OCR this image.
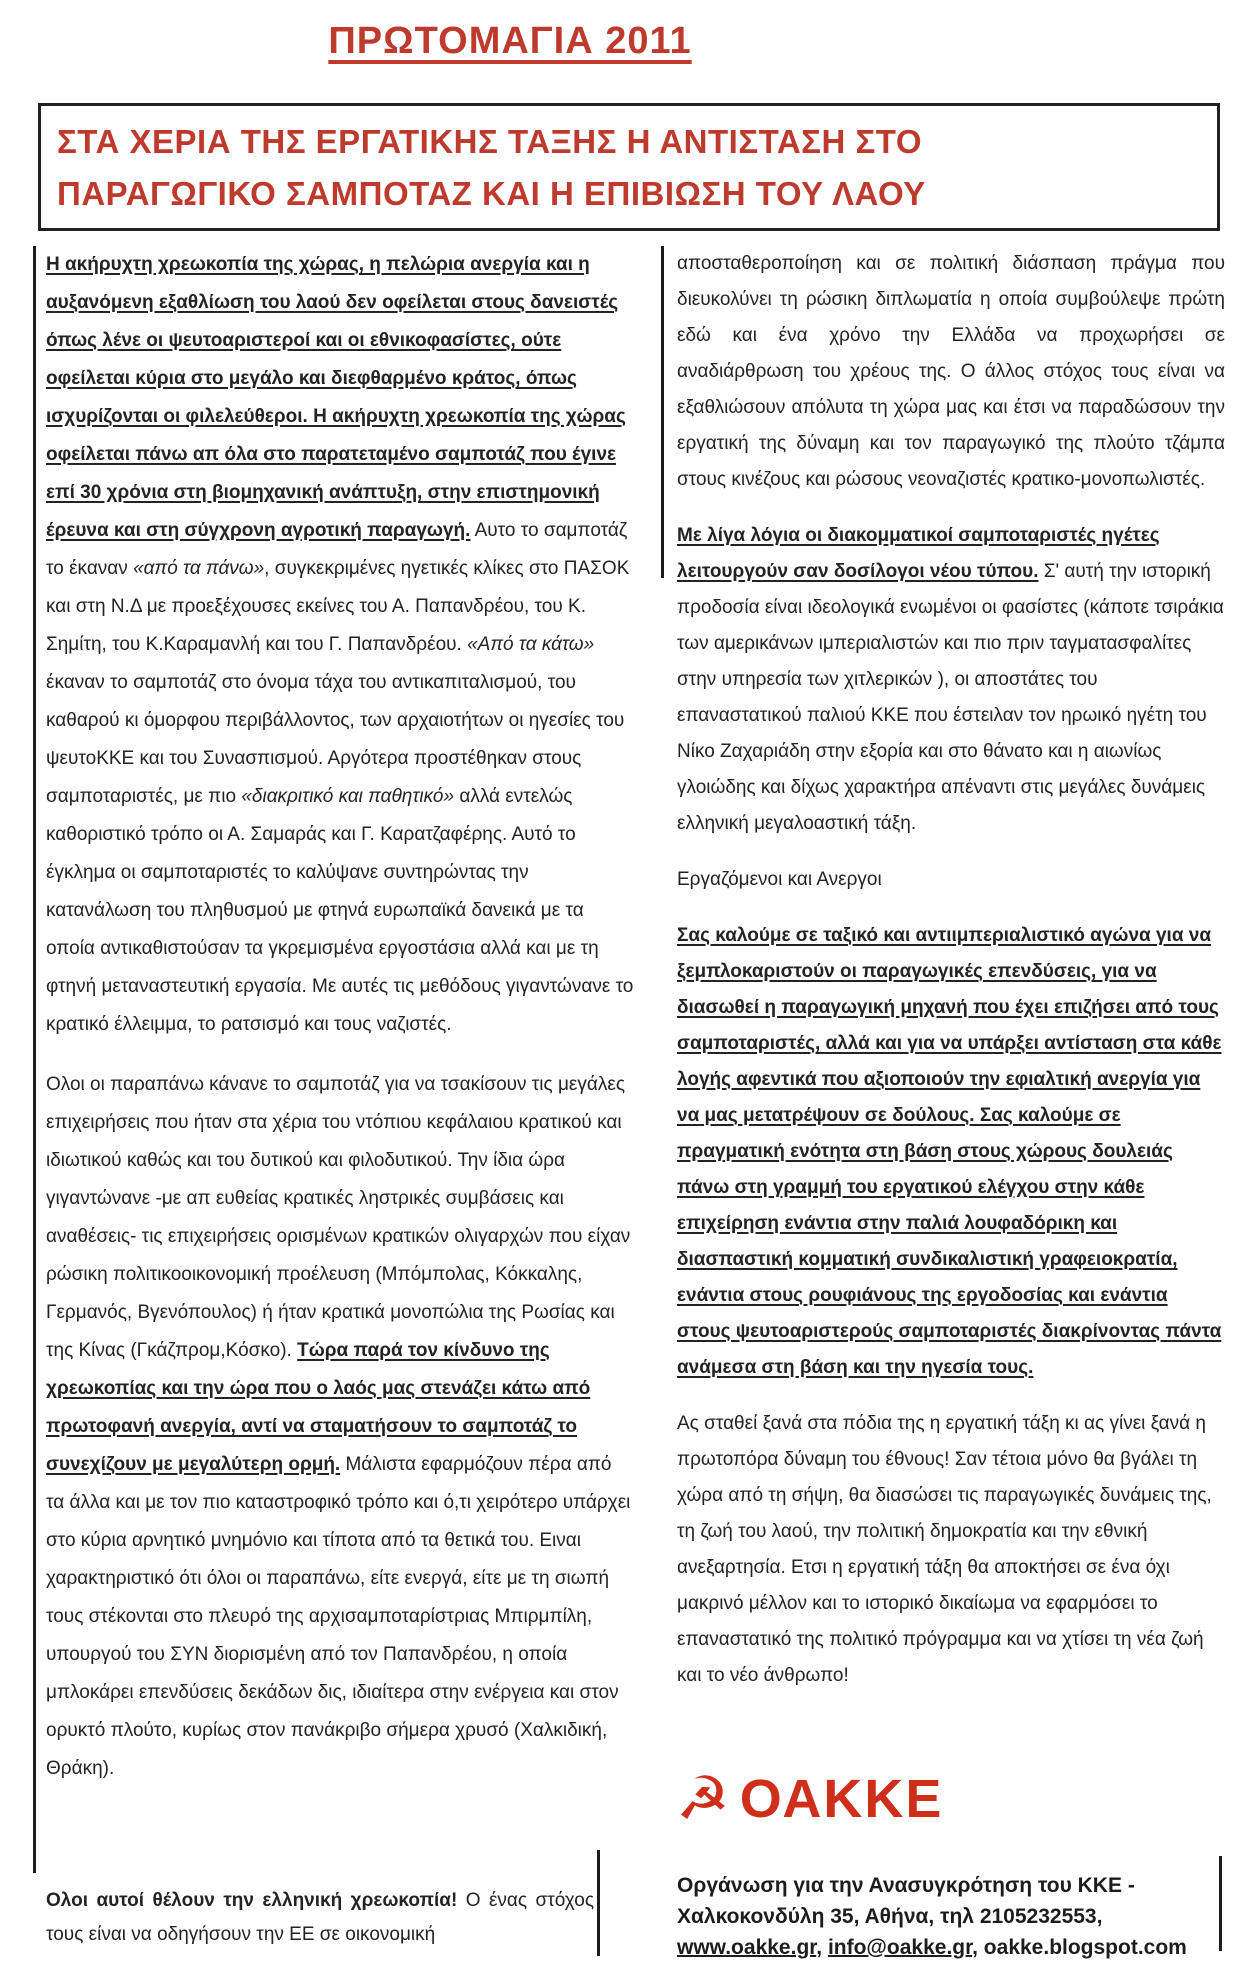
ΠΡΩΤΟΜΑΓΙΑ 2011
ΣΤΑ ΧΕΡΙΑ ΤΗΣ ΕΡΓΑΤΙΚΗΣ ΤΑΞΗΣ Η ΑΝΤΙΣΤΑΣΗ ΣΤΟ
ΠΑΡΑΓΩΓΙΚΟ ΣΑΜΠΟΤΑΖ ΚΑΙ Η ΕΠΙΒΙΩΣΗ ΤΟΥ ΛΑΟΥ

Η ακήρυχτη χρεωκοπία της χώρας, η πελώρια ανεργία και η αυξανόμενη εξαθλίωση του λαού δεν οφείλεται στους δανειστές όπως λένε οι ψευτοαριστεροί και οι εθνικοφασίστες, ούτε οφείλεται κύρια στο μεγάλο και διεφθαρμένο κράτος, όπως ισχυρίζονται οι φιλελεύθεροι. Η ακήρυχτη χρεωκοπία της χώρας οφείλεται πάνω απ όλα στο παρατεταμένο σαμποτάζ που έγινε επί 30 χρόνια στη βιομηχανική ανάπτυξη, στην επιστημονική έρευνα και στη σύγχρονη αγροτική παραγωγή. Αυτο το σαμποτάζ το έκαναν «από τα πάνω», συγκεκριμένες ηγετικές κλίκες στο ΠΑΣΟΚ και στη Ν.Δ με προεξέχουσες εκείνες του Α. Παπανδρέου, του Κ. Σημίτη, του Κ.Καραμανλή και του Γ. Παπανδρέου. «Από τα κάτω» έκαναν το σαμποτάζ στο όνομα τάχα του αντικαπιταλισμού, του καθαρού κι όμορφου περιβάλλοντος, των αρχαιοτήτων οι ηγεσίες του ψευτοΚΚΕ και του Συνασπισμού. Αργότερα προστέθηκαν στους σαμποταριστές, με πιο «διακριτικό και παθητικό» αλλά εντελώς καθοριστικό τρόπο οι Α. Σαμαράς και Γ. Καρατζαφέρης. Αυτό το έγκλημα οι σαμποταριστές το καλύψανε συντηρώντας την κατανάλωση του πληθυσμού με φτηνά ευρωπαϊκά δανεικά με τα οποία αντικαθιστούσαν τα γκρεμισμένα εργοστάσια αλλά και με τη φτηνή μεταναστευτική εργασία. Με αυτές τις μεθόδους γιγαντώνανε το κρατικό έλλειμμα, το ρατσισμό και τους ναζιστές.

Ολοι οι παραπάνω κάνανε το σαμποτάζ για να τσακίσουν τις μεγάλες επιχειρήσεις που ήταν στα χέρια του ντόπιου κεφάλαιου κρατικού και ιδιωτικού καθώς και του δυτικού και φιλοδυτικού. Την ίδια ώρα γιγαντώνανε -με απ ευθείας κρατικές ληστρικές συμβάσεις και αναθέσεις- τις επιχειρήσεις ορισμένων κρατικών ολιγαρχών που είχαν ρώσικη πολιτικοοικονομική προέλευση (Μπόμπολας, Κόκκαλης, Γερμανός, Βγενόπουλος) ή ήταν κρατικά μονοπώλια της Ρωσίας και της Κίνας (Γκάζπρομ,Κόσκο). Τώρα παρά τον κίνδυνο της χρεωκοπίας και την ώρα που ο λαός μας στενάζει κάτω από πρωτοφανή ανεργία, αντί να σταματήσουν το σαμποτάζ το συνεχίζουν με μεγαλύτερη ορμή. Μάλιστα εφαρμόζουν πέρα από τα άλλα και με τον πιο καταστροφικό τρόπο και ό,τι χειρότερο υπάρχει στο κύρια αρνητικό μνημόνιο και τίποτα από τα θετικά του. Ειναι χαρακτηριστικό ότι όλοι οι παραπάνω, είτε ενεργά, είτε με τη σιωπή τους στέκονται στο πλευρό της αρχισαμποταρίστριας Μπιρμπίλη, υπουργού του ΣΥΝ διορισμένη από τον Παπανδρέου, η οποία μπλοκάρει επενδύσεις δεκάδων δις, ιδιαίτερα στην ενέργεια και στον ορυκτό πλούτο, κυρίως στον πανάκριβο σήμερα χρυσό (Χαλκιδική, Θράκη).

Ολοι αυτοί θέλουν την ελληνική χρεωκοπία! Ο ένας στόχος τους είναι να οδηγήσουν την ΕΕ σε οικονομική

αποσταθεροποίηση και σε πολιτική διάσπαση πράγμα που διευκολύνει τη ρώσικη διπλωματία η οποία συμβούλεψε πρώτη εδώ και ένα χρόνο την Ελλάδα να προχωρήσει σε αναδιάρθρωση του χρέους της. Ο άλλος στόχος τους είναι να εξαθλιώσουν απόλυτα τη χώρα μας και έτσι να παραδώσουν την εργατική της δύναμη και τον παραγωγικό της πλούτο τζάμπα στους κινέζους και ρώσους νεοναζιστές κρατικο-μονοπωλιστές.

Με λίγα λόγια οι διακομματικοί σαμποταριστές ηγέτες λειτουργούν σαν δοσίλογοι νέου τύπου. Σ' αυτή την ιστορική προδοσία είναι ιδεολογικά ενωμένοι οι φασίστες (κάποτε τσιράκια των αμερικάνων ιμπεριαλιστών και πιο πριν ταγματασφαλίτες στην υπηρεσία των χιτλερικών ), οι αποστάτες του επαναστατικού παλιού ΚΚΕ που έστειλαν τον ηρωικό ηγέτη του Νίκο Ζαχαριάδη στην εξορία και στο θάνατο και η αιωνίως γλοιώδης και δίχως χαρακτήρα απέναντι στις μεγάλες δυνάμεις ελληνική μεγαλοαστική τάξη.

Εργαζόμενοι και Ανεργοι

Σας καλούμε σε ταξικό και αντιιμπεριαλιστικό αγώνα για να ξεμπλοκαριστούν οι παραγωγικές επενδύσεις, για να διασωθεί η παραγωγική μηχανή που έχει επιζήσει από τους σαμποταριστές, αλλά και για να υπάρξει αντίσταση στα κάθε λογής αφεντικά που αξιοποιούν την εφιαλτική ανεργία για να μας μετατρέψουν σε δούλους. Σας καλούμε σε πραγματική ενότητα στη βάση στους χώρους δουλειάς πάνω στη γραμμή του εργατικού ελέγχου στην κάθε επιχείρηση ενάντια στην παλιά λουφαδόρικη και διασπαστική κομματική συνδικαλιστική γραφειοκρατία, ενάντια στους ρουφιάνους της εργοδοσίας και ενάντια στους ψευτοαριστερούς σαμποταριστές διακρίνοντας πάντα ανάμεσα στη βάση και την ηγεσία τους.

Ας σταθεί ξανά στα πόδια της η εργατική τάξη κι ας γίνει ξανά η πρωτοπόρα δύναμη του έθνους! Σαν τέτοια μόνο θα βγάλει τη χώρα από τη σήψη, θα διασώσει τις παραγωγικές δυνάμεις της, τη ζωή του λαού, την πολιτική δημοκρατία και την εθνική ανεξαρτησία. Ετσι η εργατική τάξη θα αποκτήσει σε ένα όχι μακρινό μέλλον και το ιστορικό δικαίωμα να εφαρμόσει το επαναστατικό της πολιτικό πρόγραμμα και να χτίσει τη νέα ζωή και το νέο άνθρωπο!

☭ ΟΑΚΚΕ
Οργάνωση για την Ανασυγκρότηση του ΚΚΕ -
Χαλκοκονδύλη 35, Αθήνα, τηλ 2105232553,
www.oakke.gr, info@oakke.gr, oakke.blogspot.com
